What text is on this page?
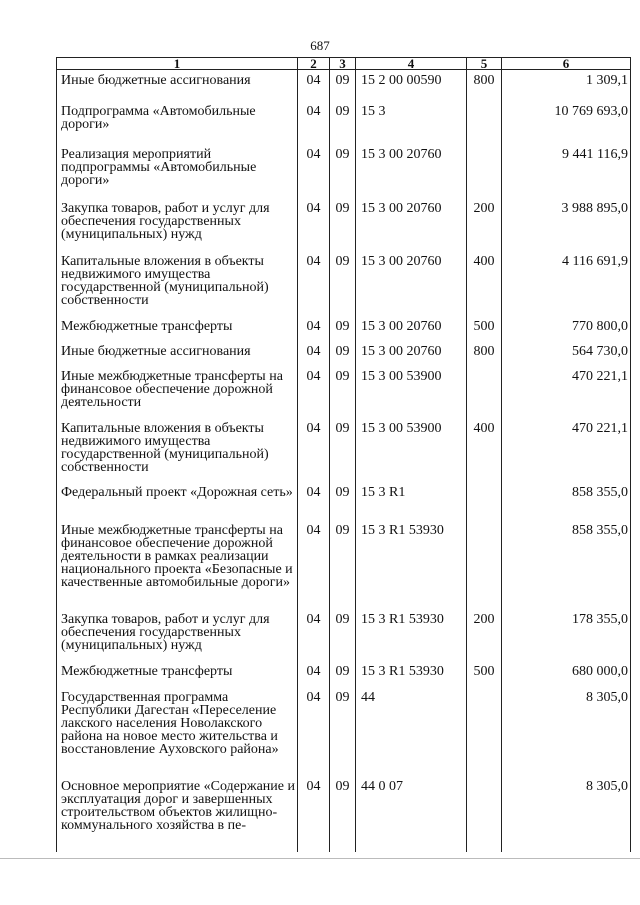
687
1	2	3	4	5	6
Иные бюджетные ассигнования	04	09	15 2 00 00590	800	1 309,1
Подпрограмма «Автомобильные дороги»	04	09	15 3		10 769 693,0
Реализация мероприятий подпрограммы «Автомобильные дороги»	04	09	15 3 00 20760		9 441 116,9
Закупка товаров, работ и услуг для обеспечения государственных (муниципальных) нужд	04	09	15 3 00 20760	200	3 988 895,0
Капитальные вложения в объекты недвижимого имущества государственной (муниципальной) собственности	04	09	15 3 00 20760	400	4 116 691,9
Межбюджетные трансферты	04	09	15 3 00 20760	500	770 800,0
Иные бюджетные ассигнования	04	09	15 3 00 20760	800	564 730,0
Иные межбюджетные трансферты на финансовое обеспечение дорожной деятельности	04	09	15 3 00 53900		470 221,1
Капитальные вложения в объекты недвижимого имущества государственной (муниципальной) собственности	04	09	15 3 00 53900	400	470 221,1
Федеральный проект «Дорожная сеть»	04	09	15 3 R1		858 355,0
Иные межбюджетные трансферты на финансовое обеспечение дорожной деятельности в рамках реализации национального проекта «Безопасные и качественные автомобильные дороги»	04	09	15 3 R1 53930		858 355,0
Закупка товаров, работ и услуг для обеспечения государственных (муниципальных) нужд	04	09	15 3 R1 53930	200	178 355,0
Межбюджетные трансферты	04	09	15 3 R1 53930	500	680 000,0
Государственная программа Республики Дагестан «Переселение лакского населения Новолакского района на новое место жительства и восстановление Ауховского района»	04	09	44		8 305,0
Основное мероприятие «Содержание и эксплуатация дорог и завершенных строительством объектов жилищно-коммунального хозяйства в пе-	04	09	44 0 07		8 305,0
